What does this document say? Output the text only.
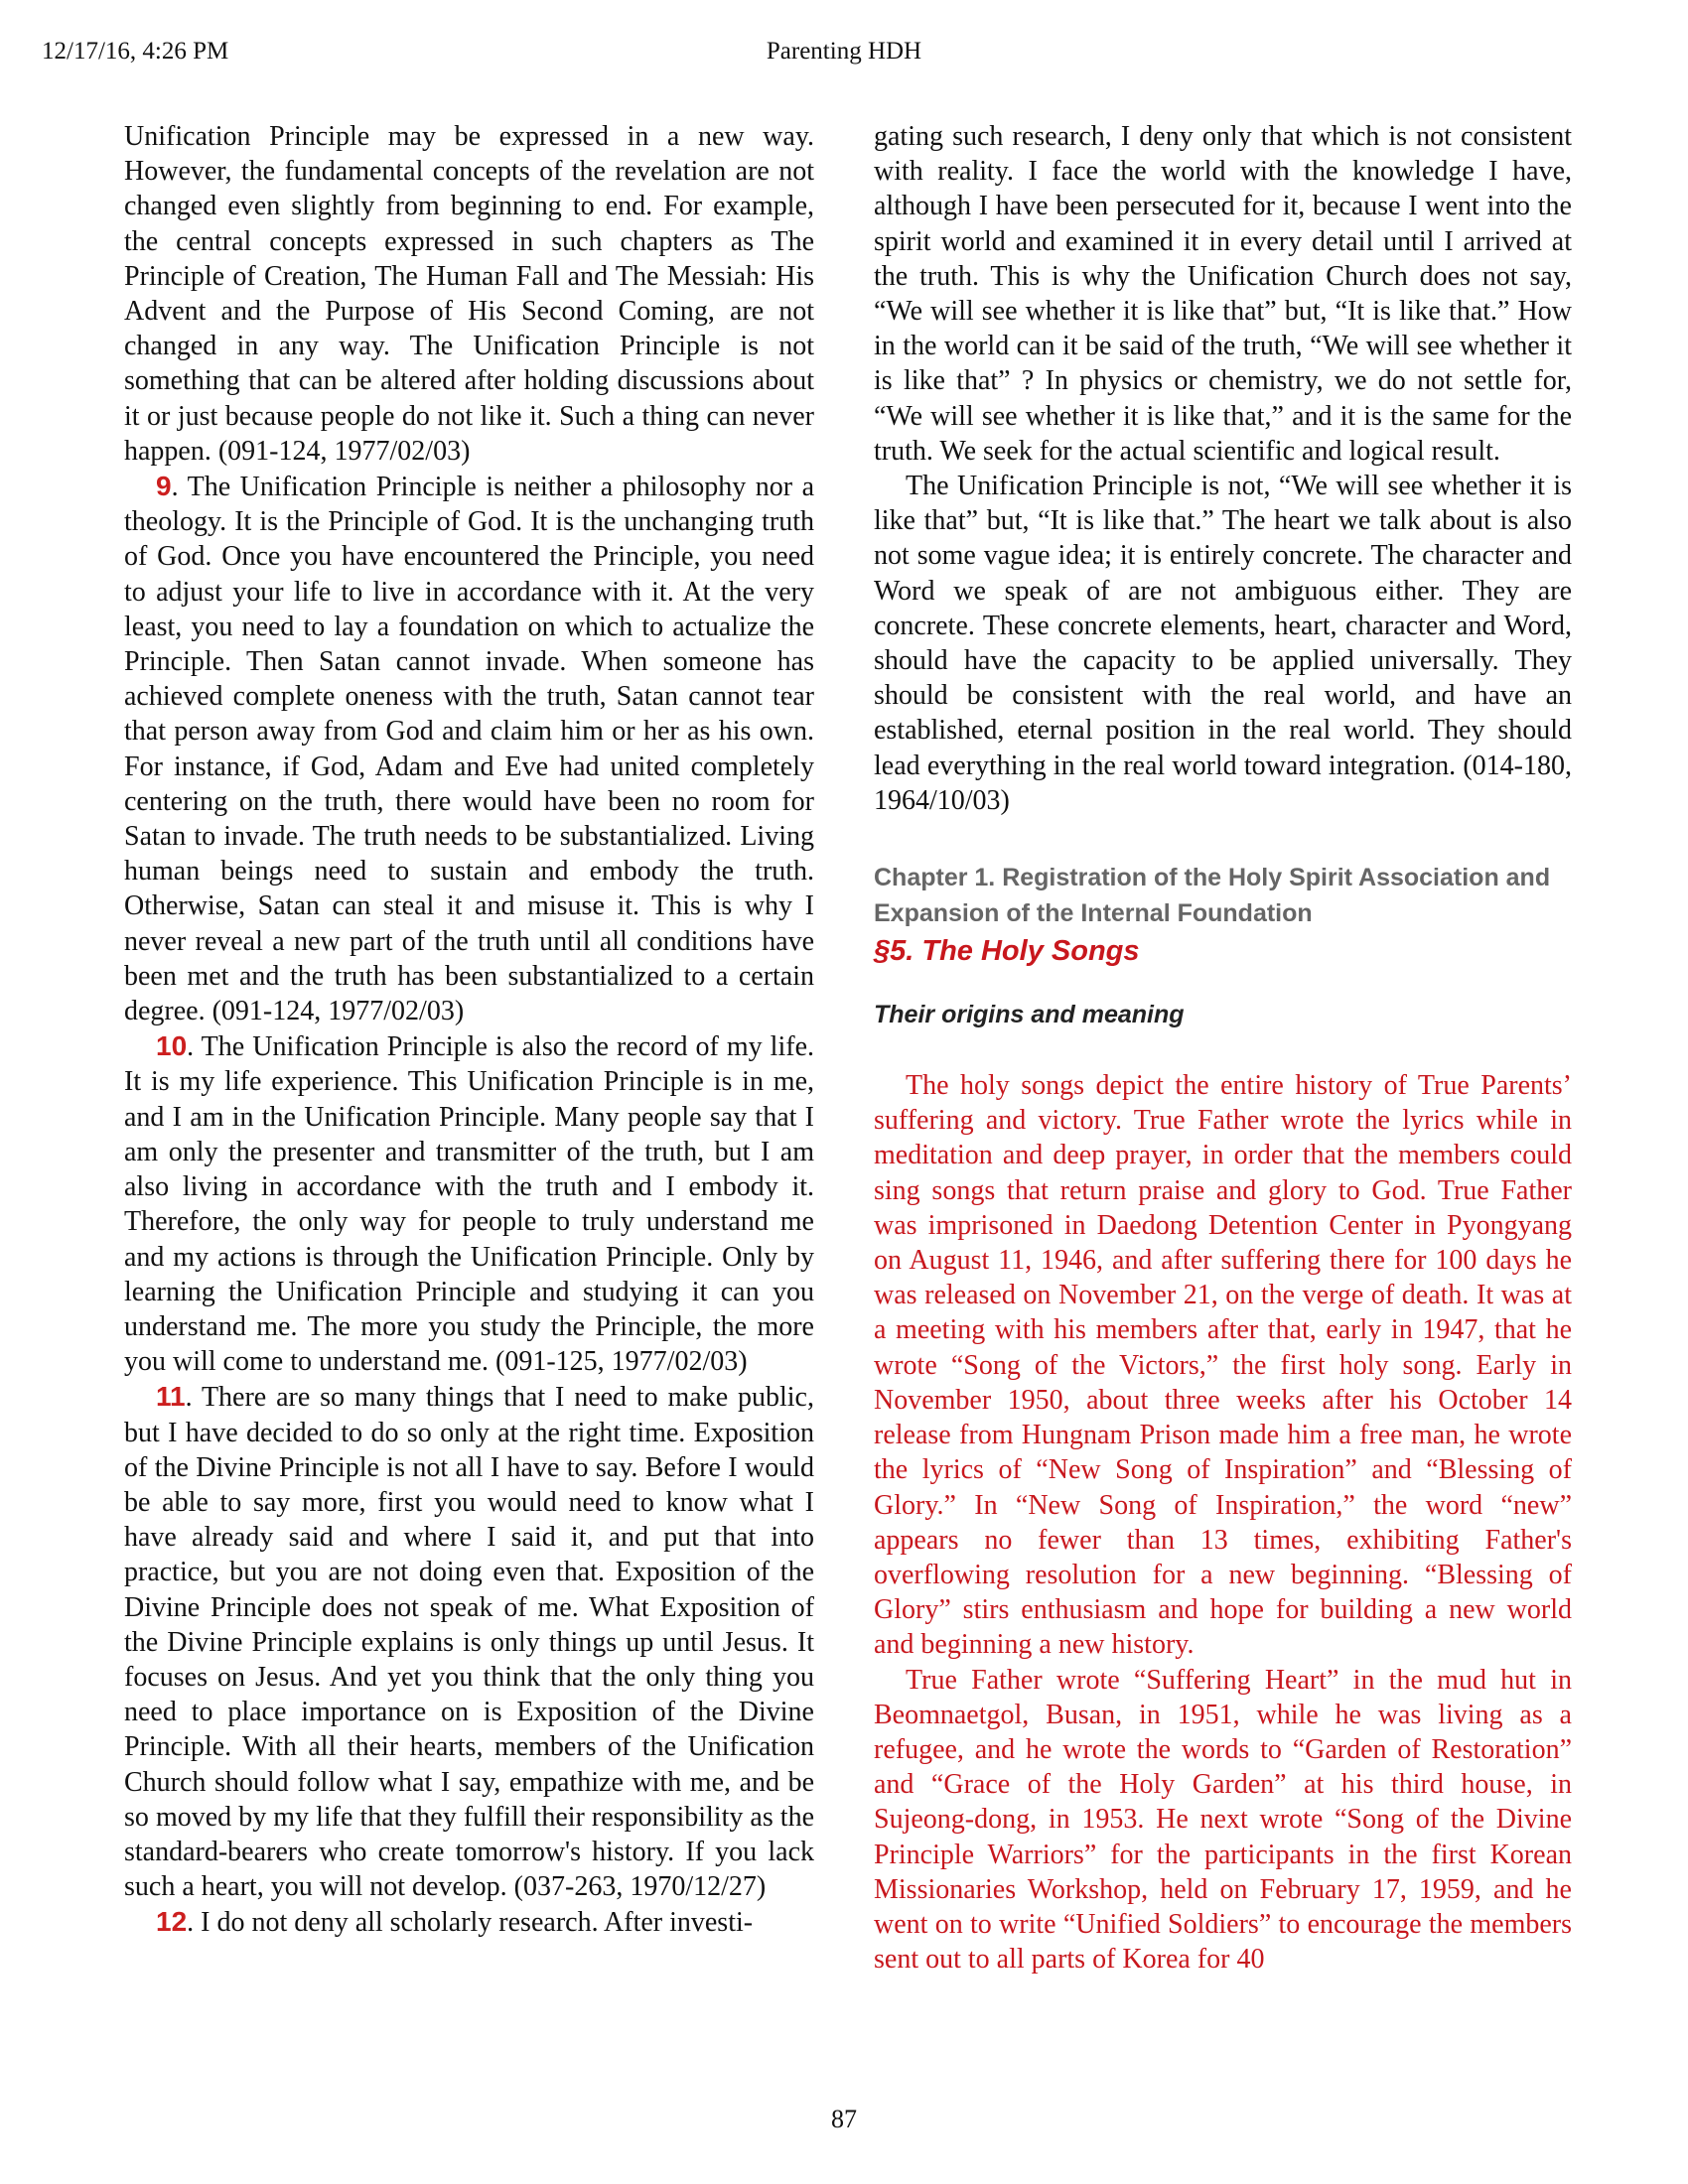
12/17/16, 4:26 PM	Parenting HDH

Unification Principle may be expressed in a new way. However, the fundamental concepts of the revelation are not changed even slightly from beginning to end. For example, the central concepts expressed in such chapters as The Principle of Creation, The Human Fall and The Messiah: His Advent and the Purpose of His Second Coming, are not changed in any way. The Unification Principle is not something that can be altered after holding discussions about it or just because people do not like it. Such a thing can never happen. (091-124, 1977/02/03)

9. The Unification Principle is neither a philosophy nor a theology. It is the Principle of God. It is the unchanging truth of God. Once you have encountered the Principle, you need to adjust your life to live in accordance with it. At the very least, you need to lay a foundation on which to actualize the Principle. Then Satan cannot invade. When someone has achieved complete oneness with the truth, Satan cannot tear that person away from God and claim him or her as his own. For instance, if God, Adam and Eve had united completely centering on the truth, there would have been no room for Satan to invade. The truth needs to be substantialized. Living human beings need to sustain and embody the truth. Otherwise, Satan can steal it and misuse it. This is why I never reveal a new part of the truth until all conditions have been met and the truth has been substantialized to a certain degree. (091-124, 1977/02/03)

10. The Unification Principle is also the record of my life. It is my life experience. This Unification Principle is in me, and I am in the Unification Principle. Many people say that I am only the presenter and transmitter of the truth, but I am also living in accordance with the truth and I embody it. Therefore, the only way for people to truly understand me and my actions is through the Unification Principle. Only by learning the Unification Principle and studying it can you understand me. The more you study the Principle, the more you will come to understand me. (091-125, 1977/02/03)

11. There are so many things that I need to make public, but I have decided to do so only at the right time. Exposition of the Divine Principle is not all I have to say. Before I would be able to say more, first you would need to know what I have already said and where I said it, and put that into practice, but you are not doing even that. Exposition of the Divine Principle does not speak of me. What Exposition of the Divine Principle explains is only things up until Jesus. It focuses on Jesus. And yet you think that the only thing you need to place importance on is Exposition of the Divine Principle. With all their hearts, members of the Unification Church should follow what I say, empathize with me, and be so moved by my life that they fulfill their responsibility as the standard-bearers who create tomorrow's history. If you lack such a heart, you will not develop. (037-263, 1970/12/27)

12. I do not deny all scholarly research. After investi-

gating such research, I deny only that which is not consistent with reality. I face the world with the knowledge I have, although I have been persecuted for it, because I went into the spirit world and examined it in every detail until I arrived at the truth. This is why the Unification Church does not say, “We will see whether it is like that” but, “It is like that.” How in the world can it be said of the truth, “We will see whether it is like that” ? In physics or chemistry, we do not settle for, “We will see whether it is like that,” and it is the same for the truth. We seek for the actual scientific and logical result.

The Unification Principle is not, “We will see whether it is like that” but, “It is like that.” The heart we talk about is also not some vague idea; it is entirely concrete. The character and Word we speak of are not ambiguous either. They are concrete. These concrete elements, heart, character and Word, should have the capacity to be applied universally. They should be consistent with the real world, and have an established, eternal position in the real world. They should lead everything in the real world toward integration. (014-180, 1964/10/03)

Chapter 1. Registration of the Holy Spirit Association and Expansion of the Internal Foundation

§5. The Holy Songs

Their origins and meaning

The holy songs depict the entire history of True Parents’ suffering and victory. True Father wrote the lyrics while in meditation and deep prayer, in order that the members could sing songs that return praise and glory to God. True Father was imprisoned in Daedong Detention Center in Pyongyang on August 11, 1946, and after suffering there for 100 days he was released on November 21, on the verge of death. It was at a meeting with his members after that, early in 1947, that he wrote “Song of the Victors,” the first holy song. Early in November 1950, about three weeks after his October 14 release from Hungnam Prison made him a free man, he wrote the lyrics of “New Song of Inspiration” and “Blessing of Glory.” In “New Song of Inspiration,” the word “new” appears no fewer than 13 times, exhibiting Father's overflowing resolution for a new beginning. “Blessing of Glory” stirs enthusiasm and hope for building a new world and beginning a new history.

True Father wrote “Suffering Heart” in the mud hut in Beomnaetgol, Busan, in 1951, while he was living as a refugee, and he wrote the words to “Garden of Restoration” and “Grace of the Holy Garden” at his third house, in Sujeong-dong, in 1953. He next wrote “Song of the Divine Principle Warriors” for the participants in the first Korean Missionaries Workshop, held on February 17, 1959, and he went on to write “Unified Soldiers” to encourage the members sent out to all parts of Korea for 40

87
